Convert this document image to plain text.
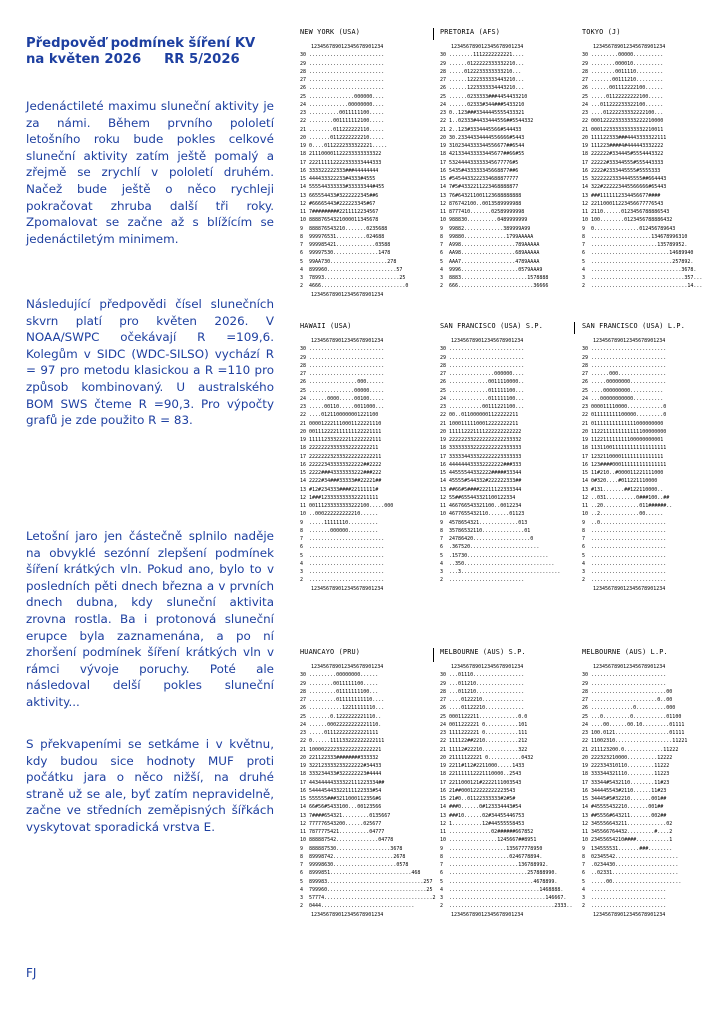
Předpověď podmínek šíření KV
na květen 2026     RR 5/2026

Jedenáctileté maximu sluneční aktivity je za námi. Během prvního pololetí letošního roku bude pokles celkové sluneční aktivity zatím ještě pomalý a zřejmě se zrychlí v pololetí druhém. Načež bude ještě o něco rychleji pokračovat zhruba další tři roky. Zpomalovat se začne až s blížícím se jedenáctiletým minimem.

Následující předpovědi čísel slunečních skvrn platí pro květen 2026. V NOAA/SWPC očekávají R =109,6. Kolegům v SIDC (WDC-SILSO) vychází R = 97 pro metodu klasickou a R =110 pro způsob kombinovaný. U australského BOM SWS čteme R =90,3. Pro výpočty grafů je zde použito R = 83.

Letošní jaro jen částečně splnilo naděje na obvyklé sezónní zlepšení podmínek šíření krátkých vln. Pokud ano, bylo to v posledních pěti dnech března a v prvních dnech dubna, kdy sluneční aktivita zrovna rostla. Ba i protonová sluneční erupce byla zaznamenána, a po ní zhoršení podmínek šíření krátkých vln v rámci vývoje poruchy. Poté ale následoval delší pokles sluneční aktivity...

S překvapeními se setkáme i v květnu, kdy budou sice hodnoty MUF proti počátku jara o něco nižší, na druhé straně už se ale, byť zatím nepravidelně, začne ve středních zeměpisných šířkách vyskytovat sporadická vrstva E.

FJ
NEW YORK (USA)
123456789012345678901234
30 .........................
29 .........................
28 .........................
27 .........................
26 .........................
25 ...............000000....
24 .............00000000....
23 ..........0011111100.....
22 ........001111112100.....
21 ........011222222110.....
20 .......0112222222210.....
19 0....0112222333322221.....
18 211100001122233333333322
17 222111112222333333444333
16 333322222333###44444444
15 444433322233#4333#4555
14 555544333333#33333344#455
13 665554433#3222222345##6
12 #66665443#222223345#67
11 7#########2211112234567
10 88887654321000011345678
9  888876543210.......0235688
8  999976531..........024688
7  999985421.............03588
6  99997530...............1478
5  99AA730...................278
4  899960.......................57
3  78993.........................25
2  4666............................0
123456789012345678901234
PRETORIA (AFS)
123456789012345678901234
30 ........1112222222221....
29 ......0122222333332210...
28 .....0122233333333210...
27 ......1222333333443210...
26 ......1223333334443210...
25 ......0233333###4454433210
24 ......02333#344###5433210
23 0..123###3344445555433321
22 1..02333#4433444556##5544332
21 2..123#3334445566#544433
20 30.23344334444556666#5443
19 3102344333344556677##6544
18 421334433333445677##66#55
17 532444433333345677776#5
16 5435#433333345668877##6
15 #5454433222334688877777
14 7#5#4332211223468888877
13 76#643211001123688888888
12 876742100..0013589999988
11 8777410.......02589999998
10 988830..........0489999999
9  99882.............389999A99
8  99880..............1799AAAAA
7  A998..................789AAAAA
6  AA98..................689AAAAA
5  AAA7..................4789AAAA
4  9996...................0579AAA9
3  8883......................1578888
2  666.........................36666
TOKYO (J)
123456789012345678901234
30 .........00000..........
29 ........000010..........
28 ........0011110.........
27 .......00111210.........
26 ......001112222100......
25 .....01122222222100.....
24 ...011222233322100......
23 ....01222233332222100...
22 000122223333333222210000
21 000122333333333332210011
20 111122333###4443333322111
19 111223####4#444443332222
18 222222#334445#5554443322
17 22222#33344555#555443333
16 2222#2333445555#5555333
15 32222223334445555##664443
14 322#222223445566666#65443
13 ###1111112334456677####
12 221100011223456677776543
11 2110......0123456788886543
10 100........0123456788886432
9  0...............012456789643
8  ....................134678996310
7  ......................135789952.
6  ..........................14689940
5  ...........................257892.
4  ..............................3678.
3  ...............................357...
2  ................................14...
HAWAII (USA)
123456789012345678901234
30 .........................
29 .........................
28 .........................
27 .........................
26 ................000......
25 ...............00000.....
24 ......0000.....00100.....
23 .....00110.....0011000...
22 ....0121100000001221100
21 000012221110001122221110
20 001112222111111122221111
19 111112333222211222222111
18 22222223333332222222211
17 222222232333222222222211
16 222223433333322222##2222
15 2222###43333333222###222
14 2222#34###33333##22221##
13 #12#234333####22111111#
12 1###1233333333322211111
11 00111233333333222100.....000
10 ..000222222222210......
9  .....11111110..........
8  .......000000..........
7  .........................
6  .........................
5  .........................
4  .........................
3  .........................
2  .........................
123456789012345678901234
SAN FRANCISCO (USA) S.P.
123456789012345678901234
30 .........................
29 .........................
28 .........................
27 ...............000000....
26 .............0011110000..
25 .............011111100...
24 .............011111100...
23 ...........00111221100...
22 00..0110000001122222211
21 10001111100012222222211
20 111112221111222222222222
19 222222332222222222233332
18 333333332222222222333333
17 333334433322222223333333
16 444444433332222222###333
15 44555544332222#####33344
14 45555#544332#222222333##
13 ##66#5####22211122333344
12 55##655443321100122334
11 466766543321100..0012234
10 4677655432110.......01123
9  4578654321.............013
8  35786532110..............01
7  24786420...................0
6  .367520.......................
5  .15730...........................
4  ..350..............................
3  ...3.................................
2  .........................
SAN FRANCISCO (USA) L.P.
123456789012345678901234
30 .........................
29 .........................
28 .........................
27 ......000................
26 .....00000000............
25 ....000000000...........
24 ...00000000000..........
23 000011110000............0
22 011111111100000.........0
21 011111111111111000000000
20 1122111111111111100000000
19 112211111111100000000001
18 1131100111111111111111111
17 123211000011111111111111
16 123####000111111111111111
15 11#210..#000011221111000
14 0#320....#011221110000
13 #131.......##122110000..
12 ..031..........0###100..##
11 ..20............011######..
10 ..2.............00......
9  ..0......................
8  .........................
7  .........................
6  .........................
5  .........................
4  .........................
3  .........................
2  .........................
123456789012345678901234
HUANCAYO (PRU)
123456789012345678901234
30 .........00000000......
29 ........0011111100.....
28 .........01111111100...
27 .........011111111110....
26 ...........12211111110...
25 .......0.1222222221110..
24 ......00022222222221110.
23 .....011122222222221111
22 0......111133222222222111
21 100002222332222222222221
20 221122333########333332
19 322123333233222222#34433
18 333234433#322222223#4444
17 44344444333322111223334##
16 544445443322111122333#54
15 555555###3211000112356#6
14 66#56#5433100...00123566
13 7####654321.........0135667
12 777776543200......025677
11 7877775421..........04777
10 888887542..............04778
9  888887530..................3678
8  89998742....................2678
7  99998630.....................0578
6  8999851...........................468
5  899983................................257
4  799960.................................25
3  57774....................................2
2  0444...............................
123456789012345678901234
MELBOURNE (AUS) S.P.
123456789012345678901234
30 ...01110.................
29 ...011210................
28 ...011210................
27 ....0122210..............
26 ....01122210.............
25 0001122211.............0.0
24 0011222221 0...........101
23 1111222221 0...........111
22 111122##2210...........212
21 11112#22210............322
20 21111122221 0...........0432
19 2211#112#2211000.....1433
18 221111112221110000..2543
17 2211000121#2222111003543
16 21##000122222222223543
15 21#0..01122333333#2#5#
14 ###0......0#123334443#54
13 ###10......02#34455446753
12 1..........12#44555558453
11 ..............02######667852
10 ................1245667##8951
9  ...................135677778950
8  ....................0246778894.
7  .......................136788992.
6  ..........................257888990.
5  ............................4678899.
4  ..............................1468888.
3  ................................146667.
2  ...................................2333..
123456789012345678901234
MELBOURNE (AUS) L.P.
123456789012345678901234
30 .........................
29 .........................
28 .........................00
27 ......................0..00
26 ..............0..........000
25 ...0.........0...........01100
24 ....00......00.10.........01111
23 100.0121..................01111
22 11002310...................11221
21 211123200.0.............11222
20 222323210000..........12222
19 222334310110.........11222
18 333344321110.........11223
17 33344#5432110........11#23
16 344445543#2110......11#23
15 34445#5#32210.......001##
14 #45555432210.......001##
13 ##5556#643211.......002##
12 345556643211.............02
11 345566764432.........#....2
10 23455654210####...........1
9  134555531.......###........
8  02345542.....................
7  .0234430.....................
6  ..02331......................
5  .....00.......................
4  .........................
3  .........................
2  .........................
123456789012345678901234
